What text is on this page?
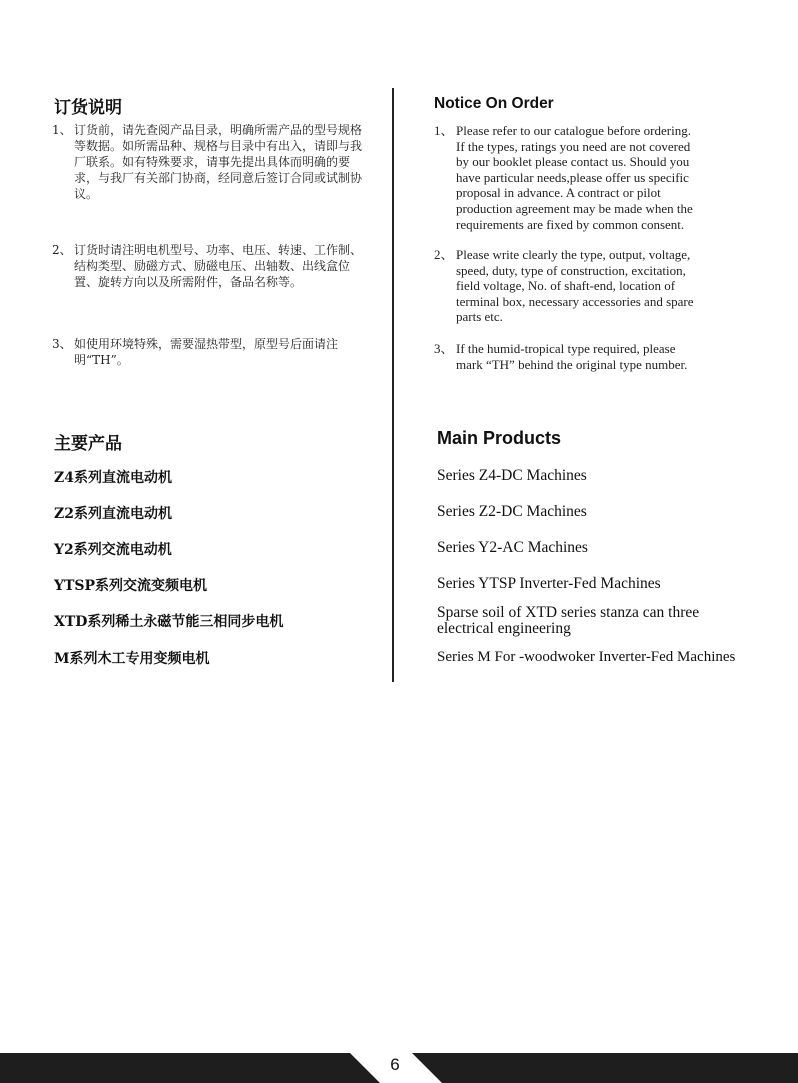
订货说明
1、 订货前，请先查阅产品目录，明确所需产品的型号规格等数据。如所需品种、规格与目录中有出入，请即与我厂联系。如有特殊要求，请事先提出具体而明确的要求，与我厂有关部门协商，经同意后签订合同或试制协议。
2、 订货时请注明电机型号、功率、电压、转速、工作制、结构类型、励磁方式、励磁电压、出轴数、出线盒位置、旋转方向以及所需附件，备品名称等。
3、 如使用环境特殊，需要湿热带型，原型号后面请注明“TH”。
主要产品
Z4系列直流电动机
Z2系列直流电动机
Y2系列交流电动机
YTSP系列交流变频电机
XTD系列稀土永磁节能三相同步电机
M系列木工专用变频电机
Notice On Order
1、 Please refer to our catalogue before ordering.
If the types, ratings you need are not covered
by our booklet please contact us. Should you
have particular needs,please offer us specific
proposal in advance. A contract or pilot
production agreement may be made when the
requirements are fixed by common consent.
2、 Please write clearly the type, output, voltage,
speed, duty, type of construction, excitation,
field voltage, No. of shaft-end, location of
terminal box, necessary accessories and spare
parts etc.
3、 If the humid-tropical type required, please
mark “TH” behind the original type number.
Main Products
Series Z4-DC Machines
Series Z2-DC Machines
Series Y2-AC Machines
Series YTSP Inverter-Fed Machines
Sparse soil of XTD series stanza can three electrical engineering
Series M For -woodwoker Inverter-Fed Machines
6
